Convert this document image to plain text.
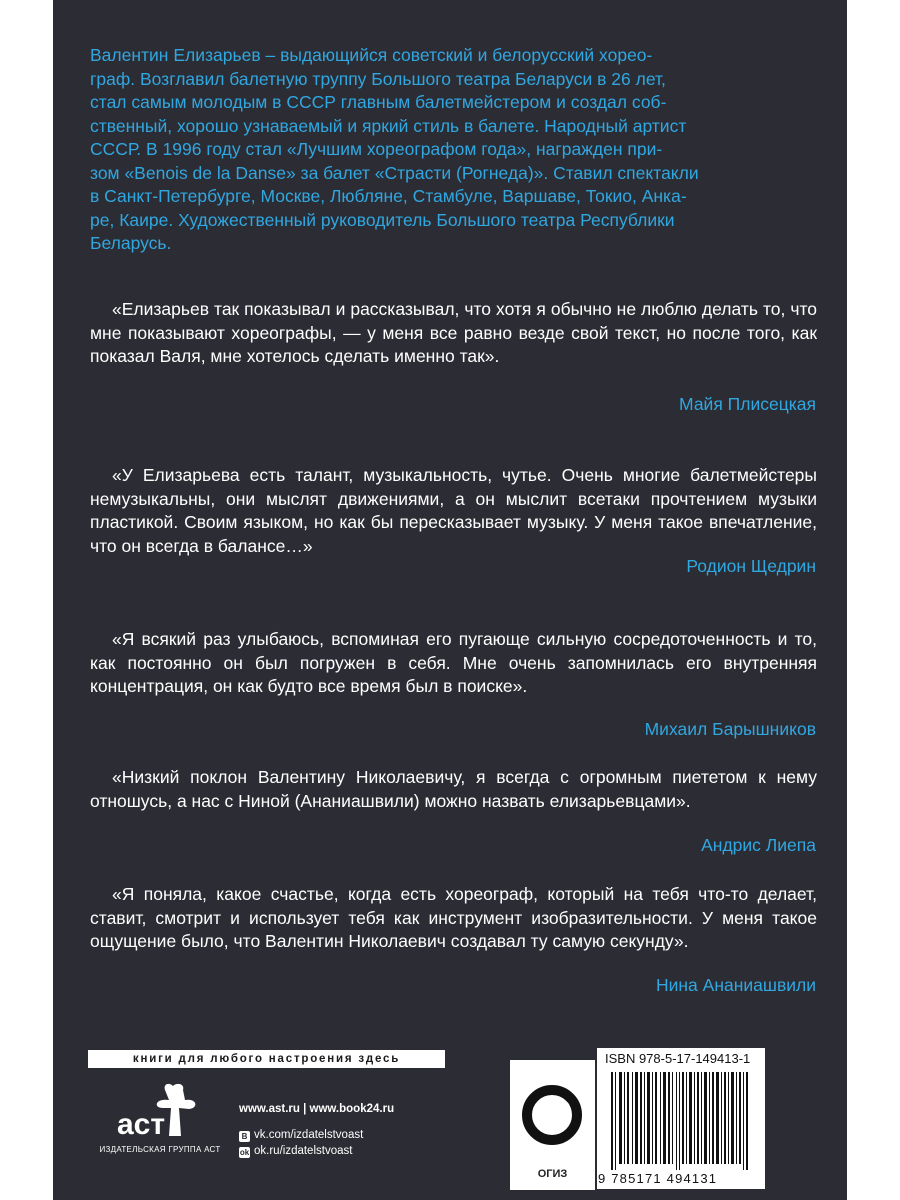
Валентин Елизарьев – выдающийся советский и белорусский хорео-

граф. Возглавил балетную труппу Большого театра Беларуси в 26 лет,

стал самым молодым в СССР главным балетмейстером и создал соб-

ственный, хорошо узнаваемый и яркий стиль в балете. Народный артист

СССР. В 1996 году стал «Лучшим хореографом года», награжден при-

зом «Benois de la Danse» за балет «Страсти (Рогнеда)». Ставил спектакли

в Санкт-Петербурге, Москве, Любляне, Стамбуле, Варшаве, Токио, Анка-

ре, Каире. Художественный руководитель Большого театра Республики

Беларусь.

«Елизарьев так показывал и рассказывал, что хотя я обычно не люблю делать то, что мне показывают хореографы, — у меня все равно везде свой текст, но после того, как показал Валя, мне хотелось сделать именно так».

Майя Плисецкая

«У Елизарьева есть талант, музыкальность, чутье. Очень многие балетмейстеры немузыкальны, они мыслят движениями, а он мыслит всетаки прочтением музыки пластикой. Своим языком, но как бы пересказывает музыку. У меня такое впечатление, что он всегда в балансе…»

Родион Щедрин

«Я всякий раз улыбаюсь, вспоминая его пугающе сильную сосредоточенность и то, как постоянно он был погружен в себя. Мне очень запомнилась его внутренняя концентрация, он как будто все время был в поиске».

Михаил Барышников

«Низкий поклон Валентину Николаевичу, я всегда с огромным пиететом к нему отношусь, а нас с Ниной (Ананиашвили) можно назвать елизарьевцами».

Андрис Лиепа

«Я поняла, какое счастье, когда есть хореограф, который на тебя что-то делает, ставит, смотрит и использует тебя как инструмент изобразительности. У меня такое ощущение было, что Валентин Николаевич создавал ту самую секунду».

Нина Ананиашвили
книги для любого настроения здесь
аст
ИЗДАТЕЛЬСКАЯ ГРУППА АСТ
www.ast.ru | www.book24.ru
B vk.com/izdatelstvoast
ok ok.ru/izdatelstvoast
ОГИЗ
ISBN 978-5-17-149413-1
9 785171 494131
